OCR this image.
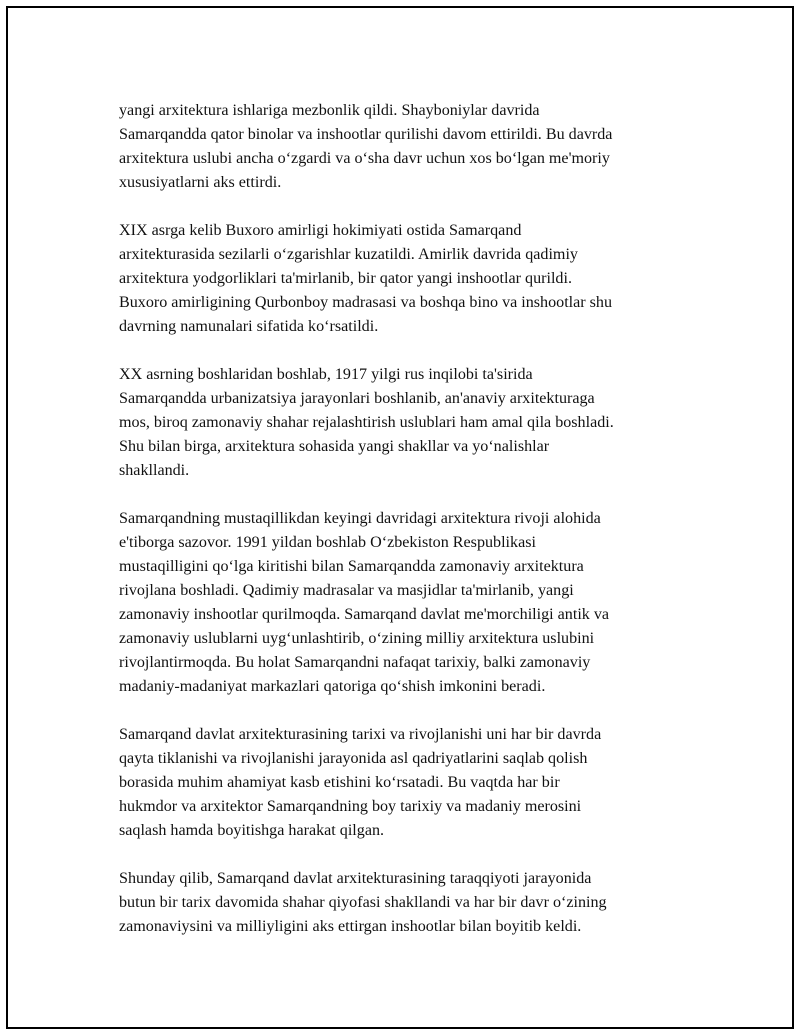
yangi arxitektura ishlariga mezbonlik qildi. Shayboniylar davrida
Samarqandda qator binolar va inshootlar qurilishi davom ettirildi. Bu davrda
arxitektura uslubi ancha o‘zgardi va o‘sha davr uchun xos bo‘lgan me'moriy
xususiyatlarni aks ettirdi.

XIX asrga kelib Buxoro amirligi hokimiyati ostida Samarqand
arxitekturasida sezilarli o‘zgarishlar kuzatildi. Amirlik davrida qadimiy
arxitektura yodgorliklari ta'mirlanib, bir qator yangi inshootlar qurildi.
Buxoro amirligining Qurbonboy madrasasi va boshqa bino va inshootlar shu
davrning namunalari sifatida ko‘rsatildi.

XX asrning boshlaridan boshlab, 1917 yilgi rus inqilobi ta'sirida
Samarqandda urbanizatsiya jarayonlari boshlanib, an'anaviy arxitekturaga
mos, biroq zamonaviy shahar rejalashtirish uslublari ham amal qila boshladi.
Shu bilan birga, arxitektura sohasida yangi shakllar va yo‘nalishlar
shakllandi.

Samarqandning mustaqillikdan keyingi davridagi arxitektura rivoji alohida
e'tiborga sazovor. 1991 yildan boshlab O‘zbekiston Respublikasi
mustaqilligini qo‘lga kiritishi bilan Samarqandda zamonaviy arxitektura
rivojlana boshladi. Qadimiy madrasalar va masjidlar ta'mirlanib, yangi
zamonaviy inshootlar qurilmoqda. Samarqand davlat me'morchiligi antik va
zamonaviy uslublarni uyg‘unlashtirib, o‘zining milliy arxitektura uslubini
rivojlantirmoqda. Bu holat Samarqandni nafaqat tarixiy, balki zamonaviy
madaniy-madaniyat markazlari qatoriga qo‘shish imkonini beradi.

Samarqand davlat arxitekturasining tarixi va rivojlanishi uni har bir davrda
qayta tiklanishi va rivojlanishi jarayonida asl qadriyatlarini saqlab qolish
borasida muhim ahamiyat kasb etishini ko‘rsatadi. Bu vaqtda har bir
hukmdor va arxitektor Samarqandning boy tarixiy va madaniy merosini
saqlash hamda boyitishga harakat qilgan.

Shunday qilib, Samarqand davlat arxitekturasining taraqqiyoti jarayonida
butun bir tarix davomida shahar qiyofasi shakllandi va har bir davr o‘zining
zamonaviysini va milliyligini aks ettirgan inshootlar bilan boyitib keldi.
